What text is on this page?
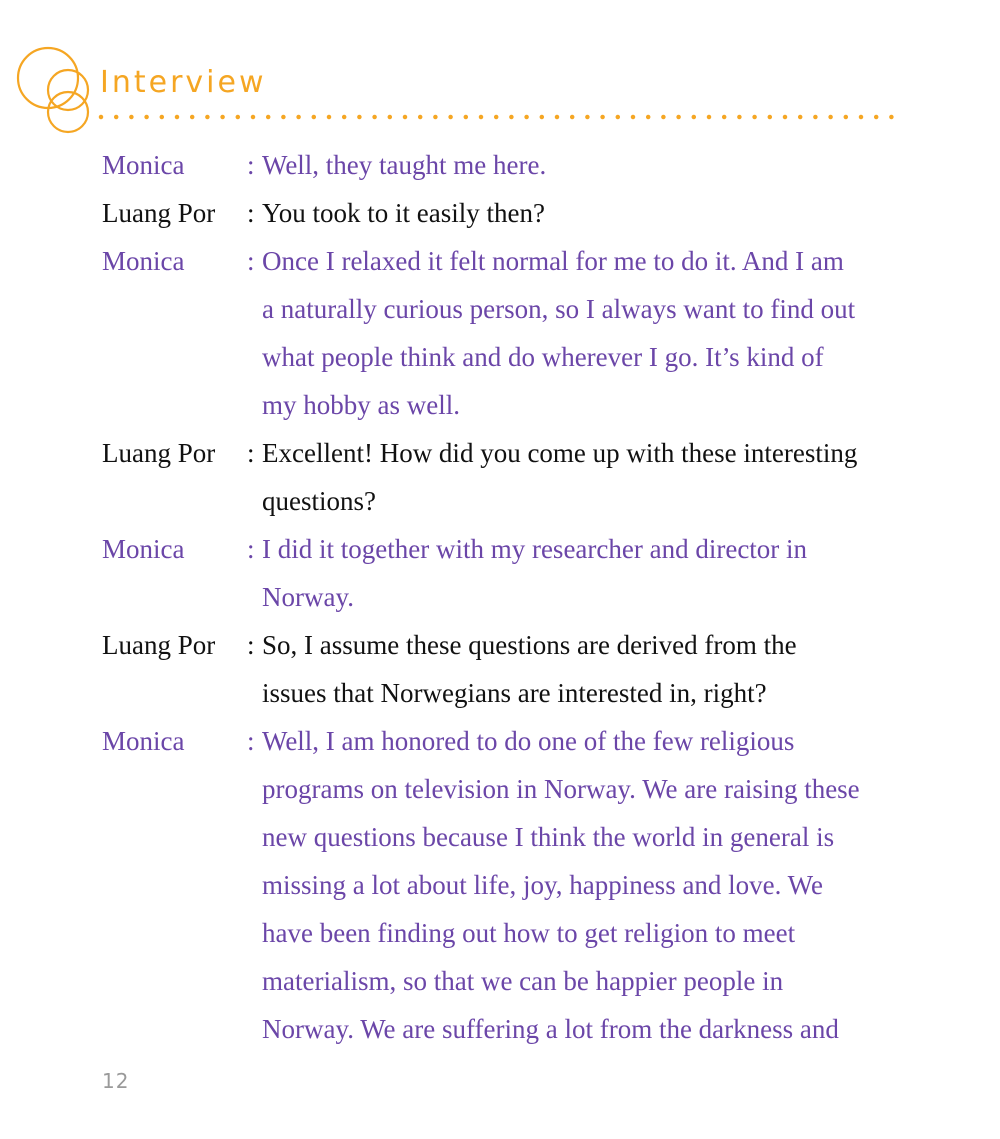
Interview
Monica	: Well, they taught me here.
Luang Por	: You took to it easily then?
Monica	: Once I relaxed it felt normal for me to do it. And I am
a naturally curious person, so I always want to find out
what people think and do wherever I go. It’s kind of
my hobby as well.
Luang Por	: Excellent! How did you come up with these interesting
questions?
Monica	: I did it together with my researcher and director in
Norway.
Luang Por	: So, I assume these questions are derived from the
issues that Norwegians are interested in, right?
Monica	: Well, I am honored to do one of the few religious
programs on television in Norway. We are raising these
new questions because I think the world in general is
missing a lot about life, joy, happiness and love. We
have been finding out how to get religion to meet
materialism, so that we can be happier people in
Norway. We are suffering a lot from the darkness and
12
